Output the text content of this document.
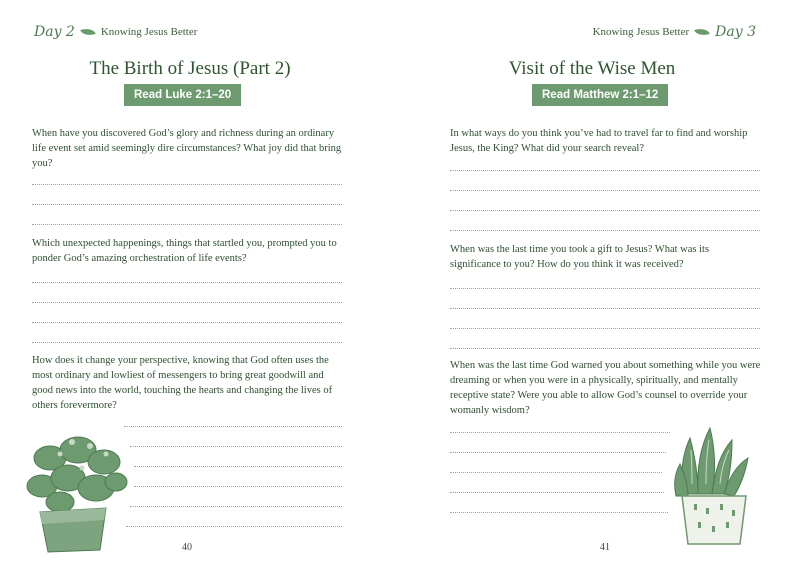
Day 2 Knowing Jesus Better
The Birth of Jesus (Part 2)
Read Luke 2:1–20
When have you discovered God’s glory and richness during an ordinary life event set amid seemingly dire circumstances? What joy did that bring you?
Which unexpected happenings, things that startled you, prompted you to ponder God’s amazing orchestration of life events?
How does it change your perspective, knowing that God often uses the most ordinary and lowliest of messengers to bring great goodwill and good news into the world, touching the hearts and changing the lives of others forevermore?
40
Knowing Jesus Better Day 3
Visit of the Wise Men
Read Matthew 2:1–12
In what ways do you think you’ve had to travel far to find and worship Jesus, the King? What did your search reveal?
When was the last time you took a gift to Jesus? What was its significance to you? How do you think it was received?
When was the last time God warned you about something while you were dreaming or when you were in a physically, spiritually, and mentally receptive state? Were you able to allow God’s counsel to override your womanly wisdom?
41
